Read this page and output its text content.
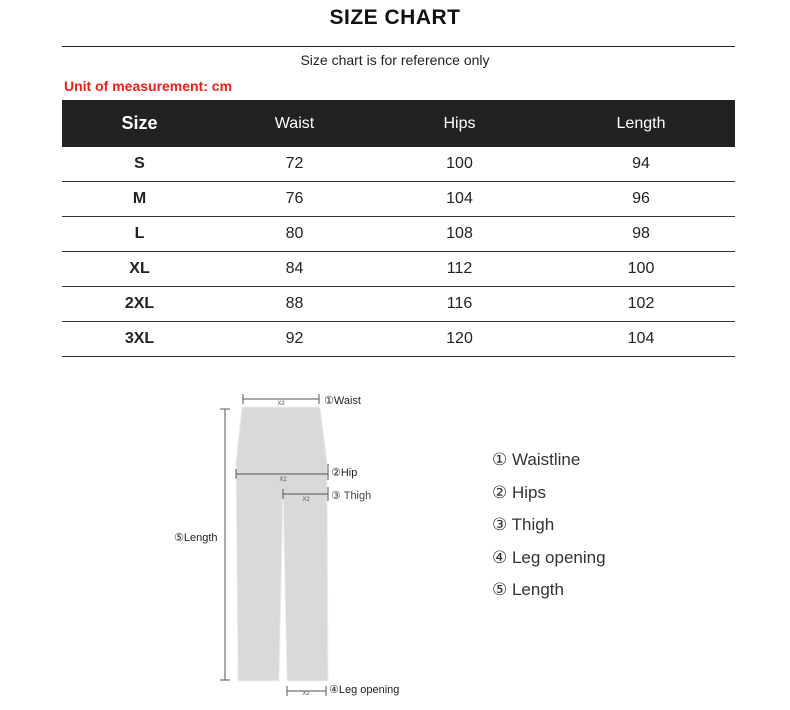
SIZE CHART
Size chart is for reference only
Unit of measurement: cm
Size	Waist	Hips	Length
S	72	100	94
M	76	104	96
L	80	108	98
XL	84	112	100
2XL	88	116	102
3XL	92	120	104
X2
X2
X2
X2
①Waist
②Hip
③ Thigh
⑤Length
④Leg opening
① Waistline
② Hips
③ Thigh
④ Leg opening
⑤ Length
